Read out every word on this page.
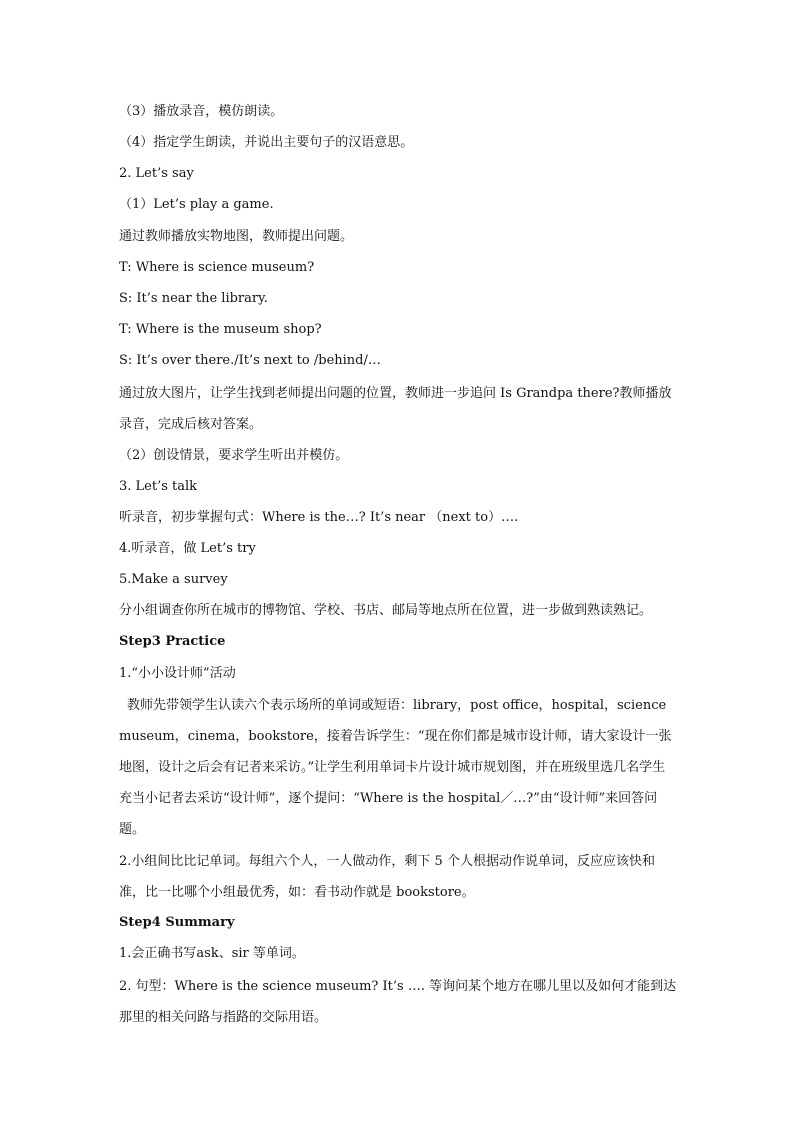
（3）播放录音，模仿朗读。
（4）指定学生朗读，并说出主要句子的汉语意思。
2. Let’s say
（1）Let’s play a game.
通过教师播放实物地图，教师提出问题。
T: Where is science museum?
S: It’s near the library.
T: Where is the museum shop?
S: It’s over there./It’s next to /behind/…
通过放大图片，让学生找到老师提出问题的位置，教师进一步追问 Is Grandpa there?教师播放录音，完成后核对答案。
（2）创设情景，要求学生听出并模仿。
3. Let’s talk
听录音，初步掌握句式：Where is the…? It’s near （next to）….
4.听录音，做 Let’s try
5.Make a survey
分小组调查你所在城市的博物馆、学校、书店、邮局等地点所在位置，进一步做到熟读熟记。
Step3 Practice
1.“小小设计师”活动
教师先带领学生认读六个表示场所的单词或短语：library，post office，hospital，science museum，cinema，bookstore，接着告诉学生：“现在你们都是城市设计师，请大家设计一张地图，设计之后会有记者来采访。”让学生利用单词卡片设计城市规划图，并在班级里选几名学生充当小记者去采访“设计师”，逐个提问：“Where is the hospital／…?”由“设计师”来回答问题。
2.小组间比比记单词。每组六个人，一人做动作，剩下 5 个人根据动作说单词，反应应该快和准，比一比哪个小组最优秀，如：看书动作就是 bookstore。
Step4 Summary
1.会正确书写ask、sir 等单词。
2. 句型：Where is the science museum? It’s …. 等询问某个地方在哪儿里以及如何才能到达那里的相关问路与指路的交际用语。
